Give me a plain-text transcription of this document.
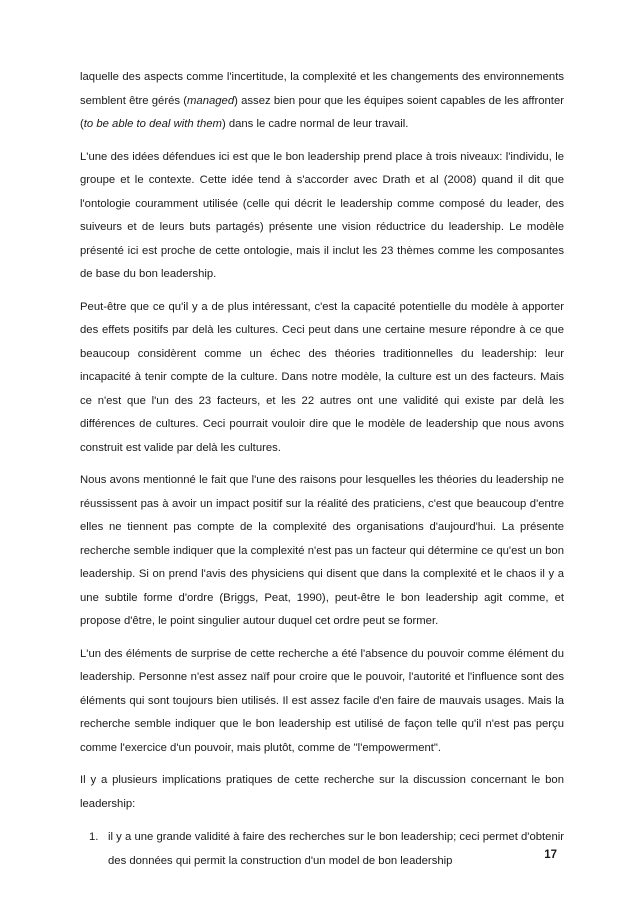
laquelle des aspects comme l'incertitude, la complexité et les changements des environnements semblent être gérés (managed) assez bien pour que les équipes soient capables de les affronter (to be able to deal with them) dans le cadre normal de leur travail.

L'une des idées défendues ici est que le bon leadership prend place à trois niveaux: l'individu, le groupe et le contexte. Cette idée tend à s'accorder avec Drath et al (2008) quand il dit que l'ontologie couramment utilisée (celle qui décrit le leadership comme composé du leader, des suiveurs et de leurs buts partagés) présente une vision réductrice du leadership. Le modèle présenté ici est proche de cette ontologie, mais il inclut les 23 thèmes comme les composantes de base du bon leadership.

Peut-être que ce qu'il y a de plus intéressant, c'est la capacité potentielle du modèle à apporter des effets positifs par delà les cultures. Ceci peut dans une certaine mesure répondre à ce que beaucoup considèrent comme un échec des théories traditionnelles du leadership: leur incapacité à tenir compte de la culture. Dans notre modèle, la culture est un des facteurs. Mais ce n'est que l'un des 23 facteurs, et les 22 autres ont une validité qui existe par delà les différences de cultures. Ceci pourrait vouloir dire que le modèle de leadership que nous avons construit est valide par delà les cultures.

Nous avons mentionné le fait que l'une des raisons pour lesquelles les théories du leadership ne réussissent pas à avoir un impact positif sur la réalité des praticiens, c'est que beaucoup d'entre elles ne tiennent pas compte de la complexité des organisations d'aujourd'hui. La présente recherche semble indiquer que la complexité n'est pas un facteur qui détermine ce qu'est un bon leadership. Si on prend l'avis des physiciens qui disent que dans la complexité et le chaos il y a une subtile forme d'ordre (Briggs, Peat, 1990), peut-être le bon leadership agit comme, et propose d'être, le point singulier autour duquel cet ordre peut se former.

L'un des éléments de surprise de cette recherche a été l'absence du pouvoir comme élément du leadership. Personne n'est assez naïf pour croire que le pouvoir, l'autorité et l'influence sont des éléments qui sont toujours bien utilisés. Il est assez facile d'en faire de mauvais usages. Mais la recherche semble indiquer que le bon leadership est utilisé de façon telle qu'il n'est pas perçu comme l'exercice d'un pouvoir, mais plutôt, comme de "l'empowerment".

Il y a plusieurs implications pratiques de cette recherche sur la discussion concernant le bon leadership:

1. il y a une grande validité à faire des recherches sur le bon leadership; ceci permet d'obtenir des données qui permit la construction d'un model de bon leadership	17
